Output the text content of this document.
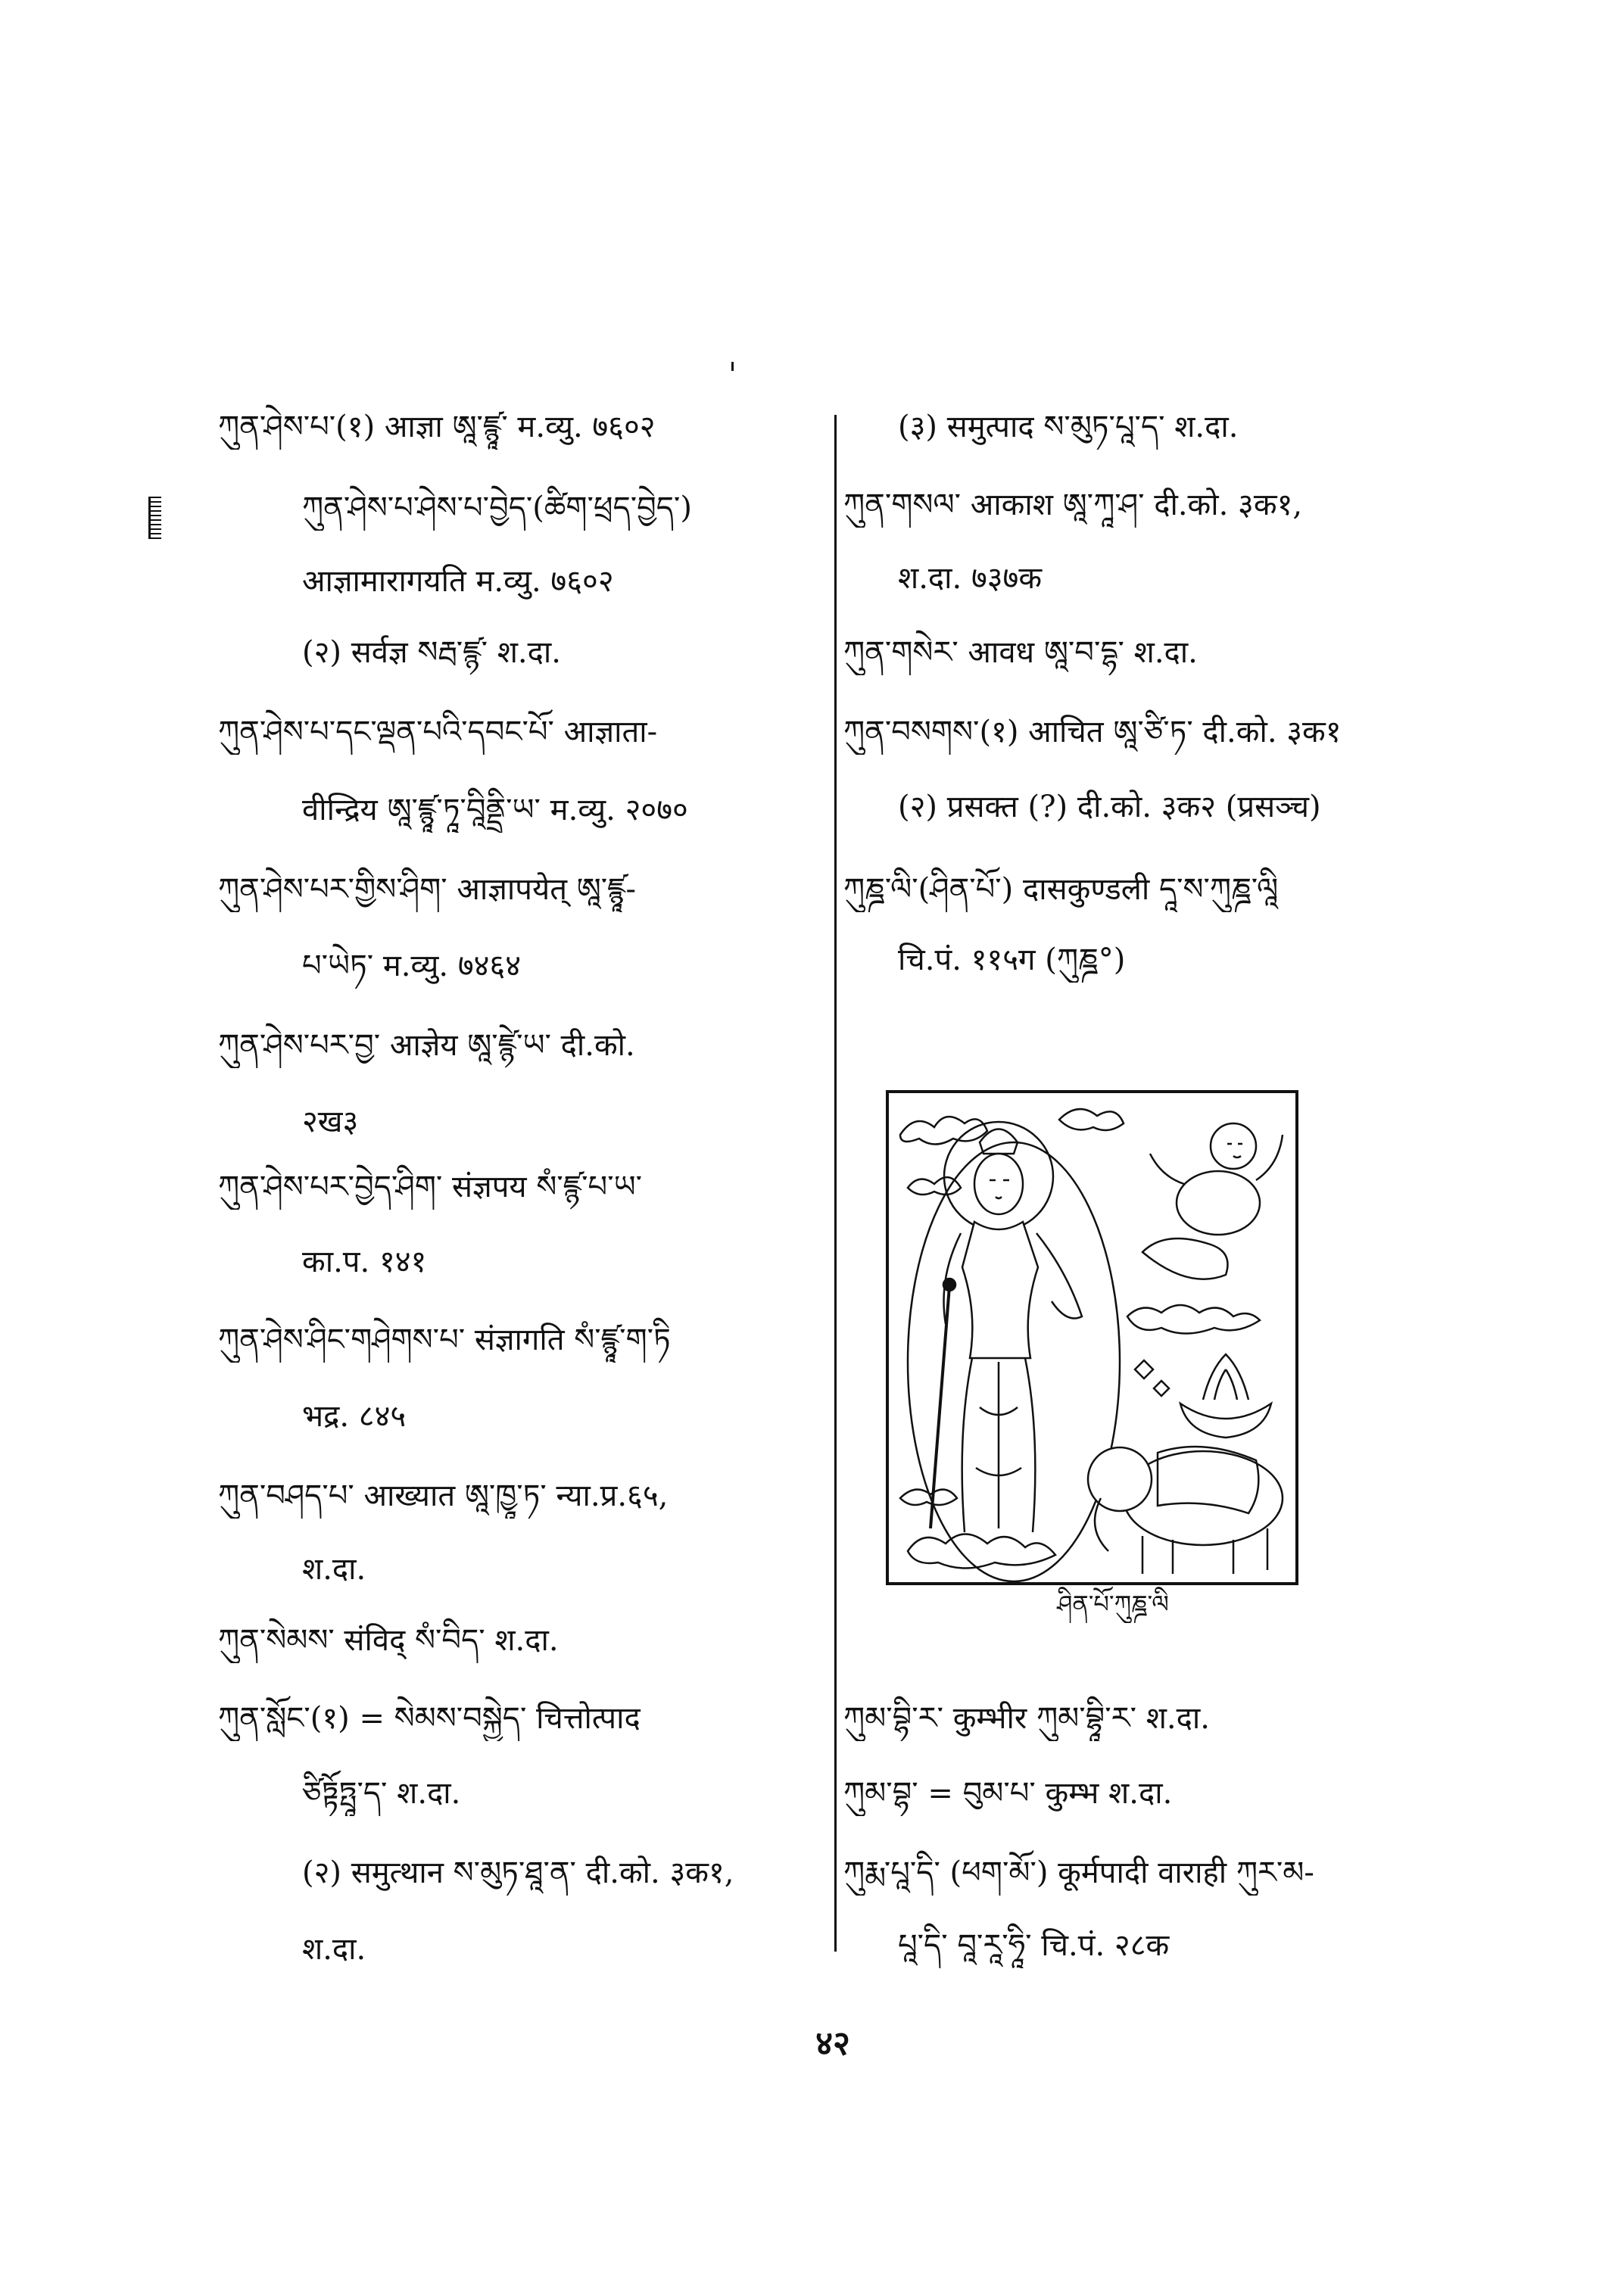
ཀུན་ཤེས་པ་(१) आज्ञा ཨཱ་ཛྙཱ་ म.व्यु. ७६०२
ཀུན་ཤེས་པ་ཤེས་པ་བྱེད་(ཚིག་ཕྲད་བྱེད་)
आज्ञामारागयति म.व्यु. ७६०२
(२) सर्वज्ञ སརྦ་ཛྙ་ श.दा.
ཀུན་ཤེས་པ་དང་ལྡན་པའི་དབང་པོ་ आज्ञाता-
वीन्द्रिय ཨཱ་ཛྙཱ་ཏཱ་བཱིནྡྲི་ཡ་ म.व्यु. २०७०
ཀུན་ཤེས་པར་གྱིས་ཤིག་ आज्ञापयेत् ཨཱ་ཛྙཱ-
པ་ཡེཏ་ म.व्यु. ७४६४
ཀུན་ཤེས་པར་བྱ་ आज्ञेय ཨཱ་ཛྙེ་ཡ་ दी.को.
२ख३
ཀུན་ཤེས་པར་བྱེད་ཤིག་ संज्ञपय སཾ་ཛྙ་པ་ཡ་
का.प. १४१
ཀུན་ཤེས་ཤིང་གཤེགས་པ་ संज्ञागति སཾ་ཛྙཱ་ག་ཏི
भद्र. ८४५
ཀུན་བཤད་པ་ आख्यात ཨཱ་ཁྱཱ་ཏ་ न्या.प्र.६५,
श.दा.
ཀུན་སེམས་ संविद् སཾ་བིད་ श.दा.
ཀུན་སློང་(१) = སེམས་བསྐྱེད་ चित्तोत्पाद
ཙིཏྟོཏྤཱ་ད་ श.दा.
(२) समुत्थान ས་མུཏ་ཐཱ་ན་ दी.को. ३क१,
श.दा.
(३) समुत्पाद ས་མུཏ་པཱ་ད་ श.दा.
ཀུན་གསལ་ आकाश ཨཱ་ཀཱ་ཤ་ दी.को. ३क१,
श.दा. ७३७क
ཀུན་གསེར་ आवध ཨཱ་བ་དྷ་ श.दा.
ཀུན་བསགས་(१) आचित ཨཱ་ཙི་ཏ་ दी.को. ३क१
(२) प्रसक्त (?) दी.को. ३क२ (प्रसञ्च)
ཀུཎྜ་ལི་(ཤིན་པོ་) दासकुण्डली དཱ་ས་ཀུཎྜ་ལཱི
चि.पं. ११५ग (ཀུཎྜ°)
ཤིན་པོ་ཀུཎྜ་ལི
ཀུམ་བྷི་ར་ कुम्भीर ཀུམ་བྷཱི་ར་ श.दा.
ཀུམ་བྷ་ = བུམ་པ་ कुम्भ श.दा.
ཀུརྨ་པཱ་དི་ (ཕག་མོ་) कूर्मपादी वाराही ཀུར་མ-
པཱ་དི་ བཱ་རཱ་ཧཱི་ चि.पं. २८क
४२
